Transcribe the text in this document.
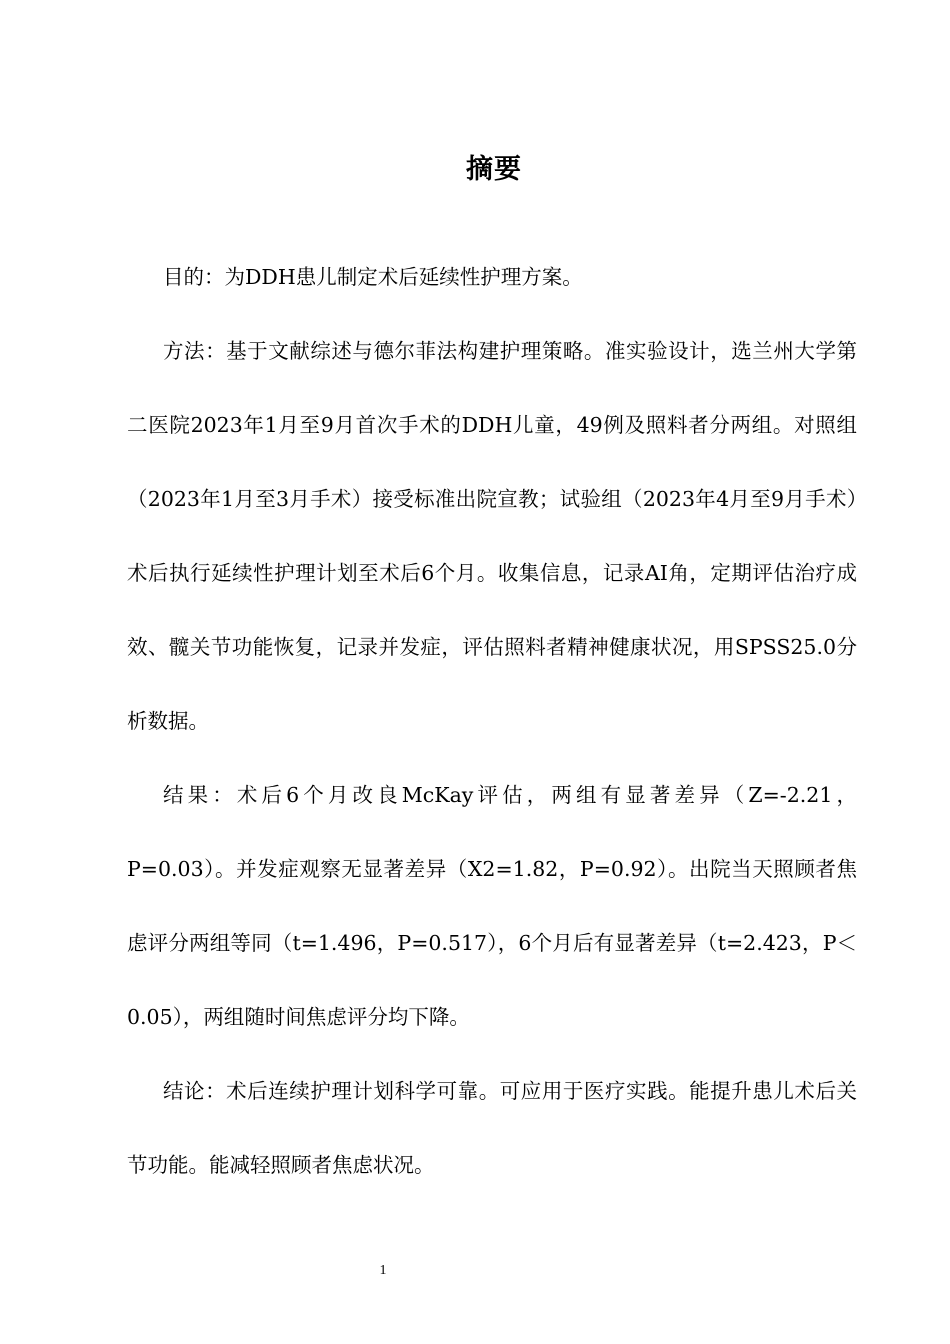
摘要

目的：为DDH患儿制定术后延续性护理方案。

方法：基于文献综述与德尔菲法构建护理策略。准实验设计，选兰州大学第二医院2023年1月至9月首次手术的DDH儿童，49例及照料者分两组。对照组（2023年1月至3月手术）接受标准出院宣教；试验组（2023年4月至9月手术）术后执行延续性护理计划至术后6个月。收集信息，记录AI角，定期评估治疗成效、髋关节功能恢复，记录并发症，评估照料者精神健康状况，用SPSS25.0分析数据。

结果：术后6个月改良McKay评估，两组有显著差异（Z=-2.21，P=0.03）。并发症观察无显著差异（X2=1.82，P=0.92）。出院当天照顾者焦虑评分两组等同（t=1.496，P=0.517），6个月后有显著差异（t=2.423，P＜0.05），两组随时间焦虑评分均下降。

结论：术后连续护理计划科学可靠。可应用于医疗实践。能提升患儿术后关节功能。能减轻照顾者焦虑状况。

1
